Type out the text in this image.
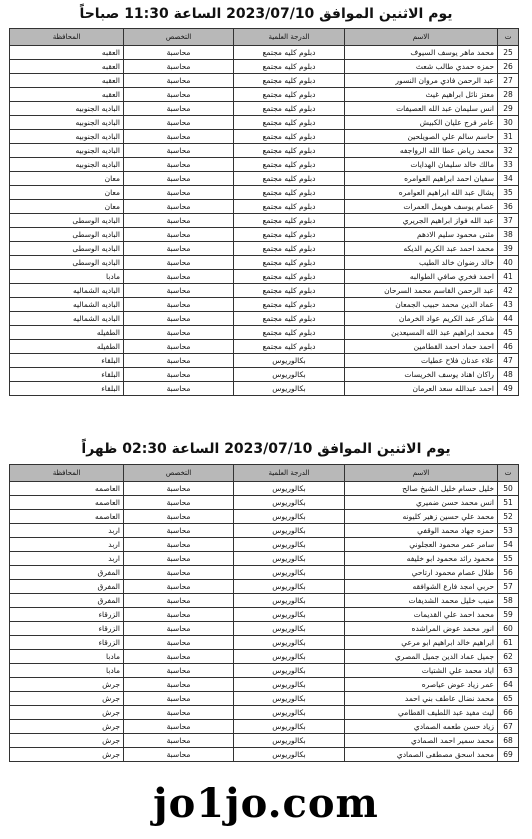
يوم الاثنين الموافق 2023/07/10 الساعة 11:30 صباحاً
ت	الاسم	الدرجة العلمية	التخصص	المحافظة
25	محمد ماهر يوسف السيوف	دبلوم كليه مجتمع	محاسبة	العقبه
26	حمزه حمدي طالب شعث	دبلوم كليه مجتمع	محاسبة	العقبه
27	عبد الرحمن فادي مروان النسور	دبلوم كليه مجتمع	محاسبة	العقبه
28	معتز نائل ابراهيم غيث	دبلوم كليه مجتمع	محاسبة	العقبه
29	انس سليمان عبد الله العصيفات	دبلوم كليه مجتمع	محاسبة	الباديه الجنوبيه
30	عامر فرج عليان الكبيش	دبلوم كليه مجتمع	محاسبة	الباديه الجنوبيه
31	حاسم سالم علي الصويلحين	دبلوم كليه مجتمع	محاسبة	الباديه الجنوبيه
32	محمد رياض عطا الله الرواجفه	دبلوم كليه مجتمع	محاسبة	الباديه الجنوبيه
33	مالك خالد سليمان الهدايات	دبلوم كليه مجتمع	محاسبة	الباديه الجنوبيه
34	سفيان احمد ابراهيم العوامره	دبلوم كليه مجتمع	محاسبة	معان
35	يشال عبد الله ابراهيم العوامره	دبلوم كليه مجتمع	محاسبة	معان
36	عصام يوسف هويمل العمرات	دبلوم كليه مجتمع	محاسبة	معان
37	عبد الله فواز ابراهيم الجريري	دبلوم كليه مجتمع	محاسبة	الباديه الوسطى
38	مثنى محمود سليم الادهم	دبلوم كليه مجتمع	محاسبة	الباديه الوسطى
39	محمد احمد عبد الكريم الديكه	دبلوم كليه مجتمع	محاسبة	الباديه الوسطى
40	خالد رضوان خالد الطيب	دبلوم كليه مجتمع	محاسبة	الباديه الوسطى
41	احمد فخري صافي الطوالبه	دبلوم كليه مجتمع	محاسبة	مادبا
42	عبد الرحمن القاسم محمد السرحان	دبلوم كليه مجتمع	محاسبة	الباديه الشماليه
43	عماد الدين محمد حبيب الجمعان	دبلوم كليه مجتمع	محاسبة	الباديه الشماليه
44	شاكر عبد الكريم عواد الخرمان	دبلوم كليه مجتمع	محاسبة	الباديه الشماليه
45	محمد ابراهيم عبد الله المسيعدين	دبلوم كليه مجتمع	محاسبة	الطفيله
46	احمد حماد احمد القطامين	دبلوم كليه مجتمع	محاسبة	الطفيله
47	علاء عدنان فلاح عطيات	بكالوريوس	محاسبة	البلقاء
48	راكان اهناد يوسف الخريسات	بكالوريوس	محاسبة	البلقاء
49	احمد عبدالله سعد العرمان	بكالوريوس	محاسبة	البلقاء
يوم الاثنين الموافق 2023/07/10 الساعة 02:30 ظهراً
ت	الاسم	الدرجة العلمية	التخصص	المحافظة
50	خليل حسام خليل الشيخ صالح	بكالوريوس	محاسبة	العاصمه
51	انس محمد حسن ضميري	بكالوريوس	محاسبة	العاصمه
52	محمد علي حسين زهير كليونه	بكالوريوس	محاسبة	العاصمه
53	حمزه جهاد محمد الوقفي	بكالوريوس	محاسبة	اربد
54	سامر عمر محمود العجلوني	بكالوريوس	محاسبة	اربد
55	محمود رائد محمود ابو خليفه	بكالوريوس	محاسبة	اربد
56	طلال عصام محمود ارتاحي	بكالوريوس	محاسبة	المفرق
57	حربي امجد فارع الشوافقه	بكالوريوس	محاسبة	المفرق
58	منيب خليل محمد الشديفات	بكالوريوس	محاسبة	المفرق
59	محمد احمد علي القديمات	بكالوريوس	محاسبة	الزرقاء
60	انور محمد عوض المراشده	بكالوريوس	محاسبة	الزرقاء
61	ابراهيم خالد ابراهيم ابو مرعي	بكالوريوس	محاسبة	الزرقاء
62	جميل عماد الدين جميل المصري	بكالوريوس	محاسبة	مادبا
63	اياد محمد علي الشتيات	بكالوريوس	محاسبة	مادبا
64	عمر زياد عوض عياصره	بكالوريوس	محاسبة	جرش
65	محمد نضال عاطف بني احمد	بكالوريوس	محاسبة	جرش
66	ليث مفيد عبد اللطيف القطامي	بكالوريوس	محاسبة	جرش
67	زياد حسن طعمه الصمادي	بكالوريوس	محاسبة	جرش
68	محمد سمير احمد الصمادي	بكالوريوس	محاسبة	جرش
69	محمد اسحق مصطفى الصمادي	بكالوريوس	محاسبة	جرش
jo1jo.com
